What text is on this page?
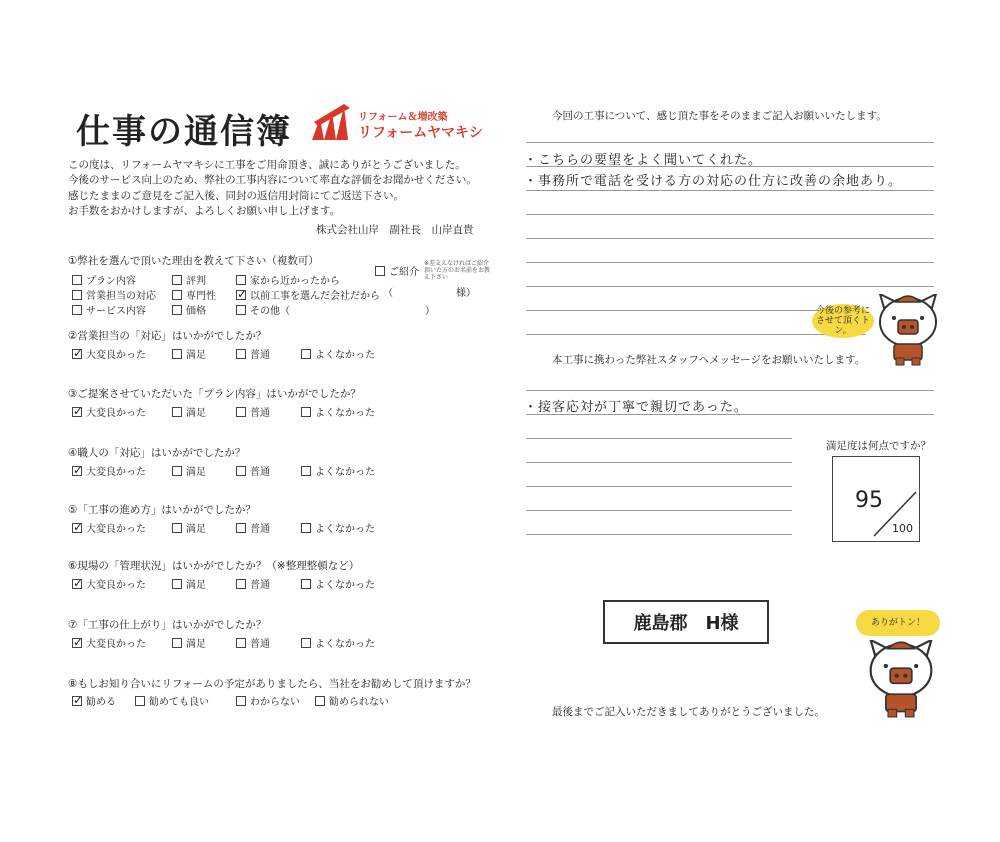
仕事の通信簿	リフォーム＆増改築
リフォームヤマキシ
この度は、リフォームヤマキシに工事をご用命頂き、誠にありがとうございました。
今後のサービス向上のため、弊社の工事内容について率直な評価をお聞かせください。
感じたままのご意見をご記入後、同封の返信用封筒にてご返送下さい。
お手数をおかけしますが、よろしくお願い申し上げます。
株式会社山岸　副社長　山岸直貴
①弊社を選んで頂いた理由を教えて下さい（複数可）
プラン内容	評判	家から近かったから
営業担当の対応	専門性
✓	以前工事を選んだ会社だから
サービス内容	価格	その他（	）
ご紹介
※差支えなければご紹介頂いた方のお名前をお教え下さい
（	様）
②営業担当の「対応」はいかがでしたか？
✓
大変良かった	満足	普通	よくなかった
③ご提案させていただいた「プラン内容」はいかがでしたか？
✓
大変良かった	満足	普通	よくなかった
④職人の「対応」はいかがでしたか？
✓
大変良かった	満足	普通	よくなかった
⑤「工事の進め方」はいかがでしたか？
✓
大変良かった	満足	普通	よくなかった
⑥現場の「管理状況」はいかがでしたか？（※整理整頓など）
✓
大変良かった	満足	普通	よくなかった
⑦「工事の仕上がり」はいかがでしたか？
✓
大変良かった	満足	普通	よくなかった
⑧もしお知り合いにリフォームの予定がありましたら、当社をお勧めして頂けますか？
✓
勧める	勧めても良い	わからない	勧められない
今回の工事について、感じ頂た事をそのままご記入お願いいたします。
・こちらの要望をよく聞いてくれた。
・事務所で電話を受ける方の対応の仕方に改善の余地あり。
今後の参考にさせて頂くトン。
本工事に携わった弊社スタッフへメッセージをお願いいたします。
・接客応対が丁寧で親切であった。
満足度は何点ですか？
95
100
鹿島郡　H様	ありがトン！
最後までご記入いただきましてありがとうございました。
